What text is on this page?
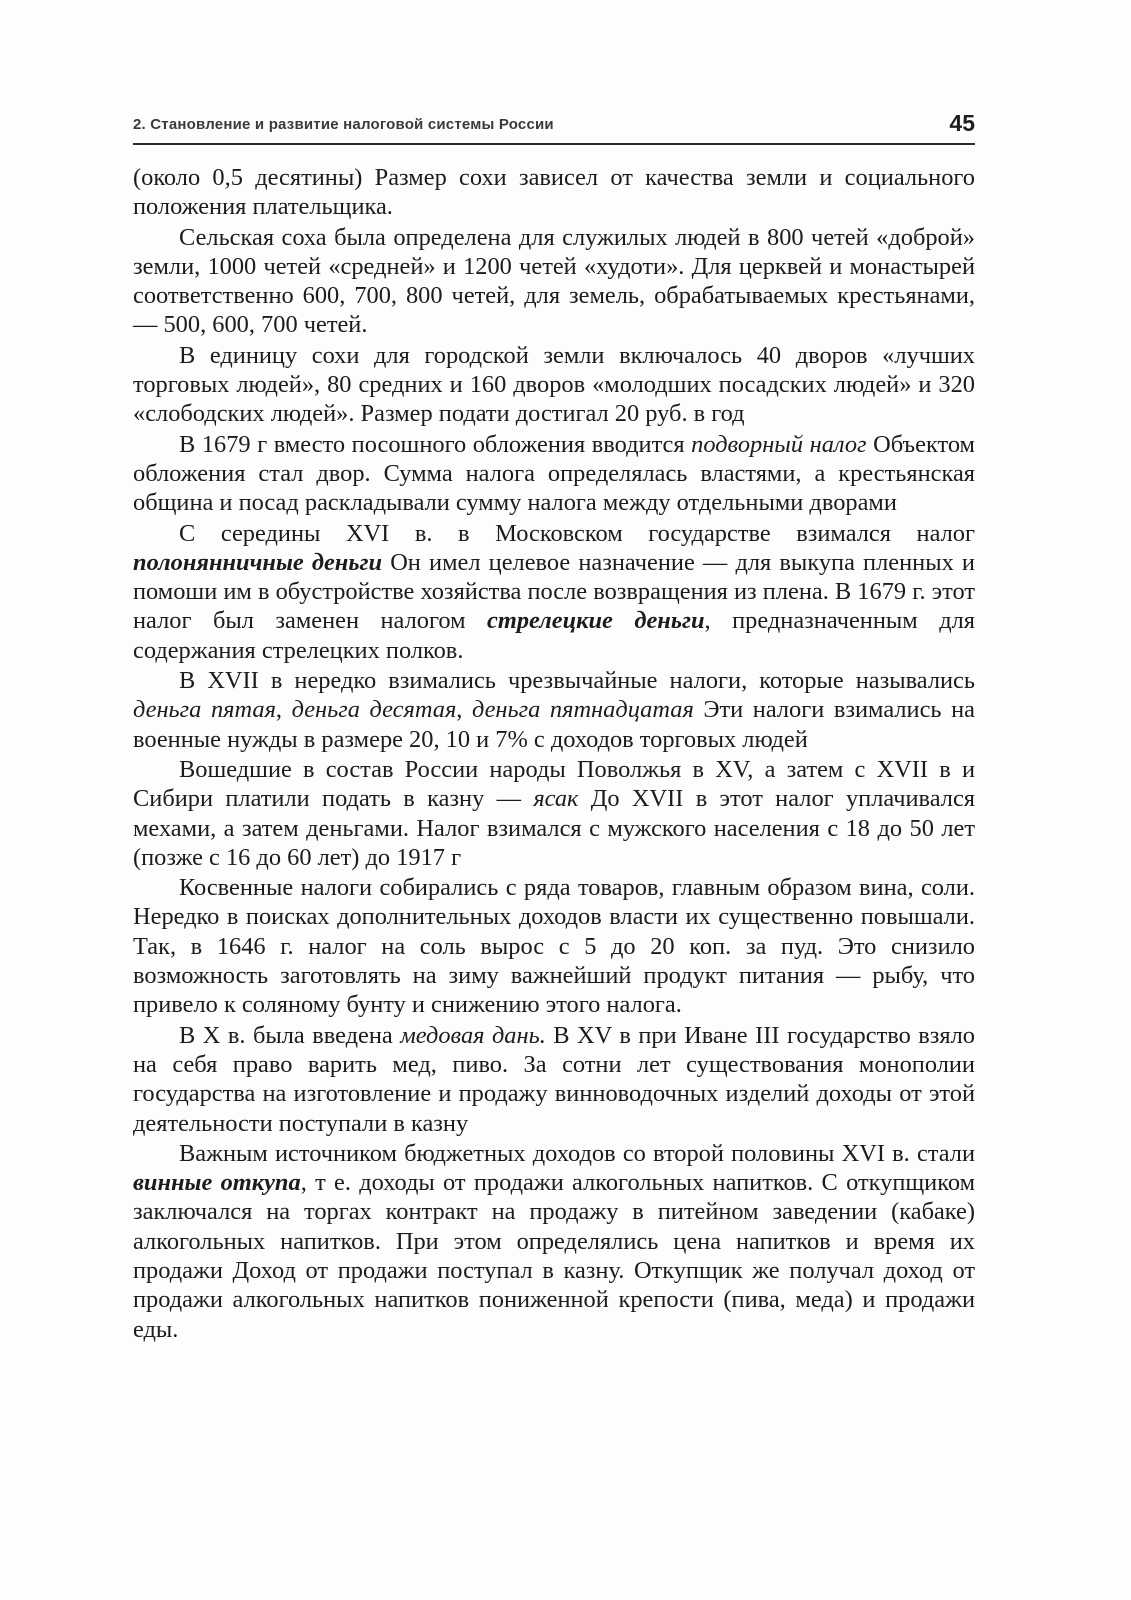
2. Становление и развитие налоговой системы России	45

(около 0,5 десятины) Размер сохи зависел от качества земли и социального положения плательщика.

Сельская соха была определена для служилых людей в 800 четей «доброй» земли, 1000 четей «средней» и 1200 четей «худоти». Для церквей и монастырей соответственно 600, 700, 800 четей, для земель, обрабатываемых крестьянами, — 500, 600, 700 четей.

В единицу сохи для городской земли включалось 40 дворов «лучших торговых людей», 80 средних и 160 дворов «молодших посадских людей» и 320 «слободских людей». Размер подати достигал 20 руб. в год

В 1679 г вместо посошного обложения вводится подворный налог Объектом обложения стал двор. Сумма налога определялась властями, а крестьянская община и посад раскладывали сумму налога между отдельными дворами

С середины XVI в. в Московском государстве взимался налог полонянничные деньги Он имел целевое назначение — для выкупа пленных и помоши им в обустройстве хозяйства после возвращения из плена. В 1679 г. этот налог был заменен налогом стрелецкие деньги, предназначенным для содержания стрелецких полков.

В XVII в нередко взимались чрезвычайные налоги, которые назывались деньга пятая, деньга десятая, деньга пятнадцатая Эти налоги взимались на военные нужды в размере 20, 10 и 7% с доходов торговых людей

Вошедшие в состав России народы Поволжья в XV, а затем с XVII в и Сибири платили подать в казну — ясак До XVII в этот налог уплачивался мехами, а затем деньгами. Налог взимался с мужского населения с 18 до 50 лет (позже с 16 до 60 лет) до 1917 г

Косвенные налоги собирались с ряда товаров, главным образом вина, соли. Нередко в поисках дополнительных доходов власти их существенно повышали. Так, в 1646 г. налог на соль вырос с 5 до 20 коп. за пуд. Это снизило возможность заготовлять на зиму важнейший продукт питания — рыбу, что привело к соляному бунту и снижению этого налога.

В X в. была введена медовая дань. В XV в при Иване III государство взяло на себя право варить мед, пиво. За сотни лет существования монополии государства на изготовление и продажу винноводочных изделий доходы от этой деятельности поступали в казну

Важным источником бюджетных доходов со второй половины XVI в. стали винные откупа, т е. доходы от продажи алкогольных напитков. С откупщиком заключался на торгах контракт на продажу в питейном заведении (кабаке) алкогольных напитков. При этом определялись цена напитков и время их продажи Доход от продажи поступал в казну. Откупщик же получал доход от продажи алкогольных напитков пониженной крепости (пива, меда) и продажи еды.
